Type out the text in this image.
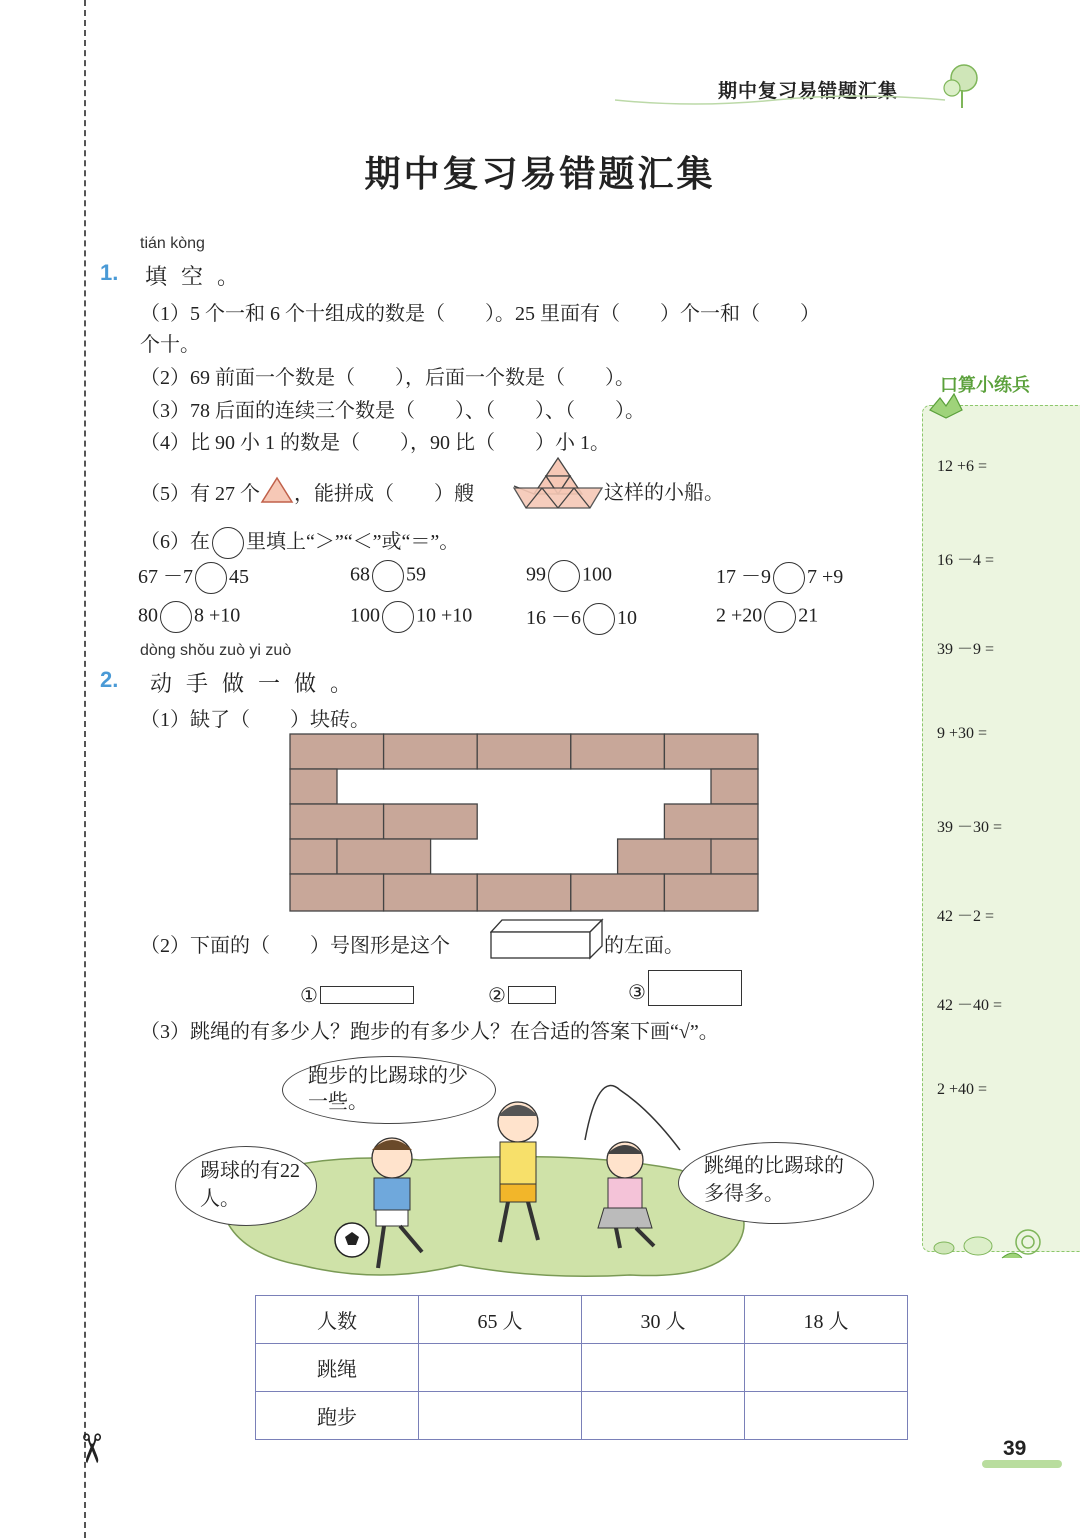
✂
期中复习易错题汇集
期中复习易错题汇集
tián kòng
1. 填空。
（1）5 个一和 6 个十组成的数是（　　）。25 里面有（　　）个一和（　　）
个十。
（2）69 前面一个数是（　　），后面一个数是（　　）。
（3）78 后面的连续三个数是（　　）、（　　）、（　　）。
（4）比 90 小 1 的数是（　　），90 比（　　）小 1。
（5）有 27 个 ，能拼成（　　）艘	这样的小船。
（6）在 里填上“＞”“＜”或“＝”。
67 －7 45	68 59	99 100	17 －9 7 +9
80 8 +10	100 10 +10	16 －6 10	2 +20 21
dòng shǒu zuò yi zuò
2. 动手做一做。
（1）缺了（　　）块砖。
（2）下面的（　　）号图形是这个	的左面。
①	②	③
（3）跳绳的有多少人？跑步的有多少人？在合适的答案下画“√”。
跑步的比踢球的少一些。
踢球的有22人。
跳绳的比踢球的多得多。
人数	65 人	30 人	18 人
跳绳			
跑步			
口算小练兵
12 +6 =
16 －4 =
39 －9 =
9 +30 =
39 －30 =
42 －2 =
42 －40 =
2 +40 =
39
